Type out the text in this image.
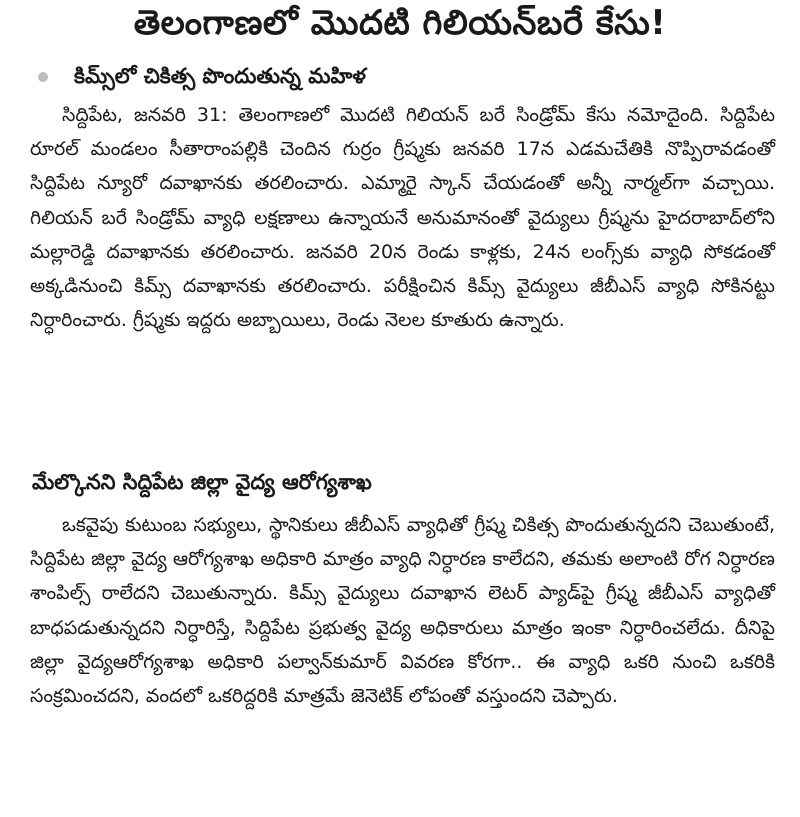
తెలంగాణలో మొదటి గిలియన్‌బరే కేసు!
కిమ్స్‌లో చికిత్స పొందుతున్న మహిళ
సిద్దిపేట, జనవరి 31: తెలంగాణలో మొదటి గిలియన్ బరే సిండ్రోమ్ కేసు నమోదైంది. సిద్దిపేట రూరల్ మండలం సీతారాంపల్లికి చెందిన గుర్రం గ్రీష్మకు జనవరి 17న ఎడమచేతికి నొప్పిరావడంతో సిద్దిపేట న్యూరో దవాఖానకు తరలించారు. ఎమ్మారై స్కాన్ చేయడంతో అన్నీ నార్మల్‌గా వచ్చాయి. గిలియన్ బరే సిండ్రోమ్ వ్యాధి లక్షణాలు ఉన్నాయనే అనుమానంతో వైద్యులు గ్రీష్మను హైదరాబాద్‌లోని మల్లారెడ్డి దవాఖానకు తరలించారు. జనవరి 20న రెండు కాళ్లకు, 24న లంగ్స్‌కు వ్యాధి సోకడంతో అక్కడినుంచి కిమ్స్ దవాఖానకు తరలించారు. పరీక్షించిన కిమ్స్ వైద్యులు జీబీఎస్ వ్యాధి సోకినట్టు నిర్ధారించారు. గ్రీష్మకు ఇద్దరు అబ్బాయిలు, రెండు నెలల కూతురు ఉన్నారు.
మేల్కొనని సిద్దిపేట జిల్లా వైద్య ఆరోగ్యశాఖ
ఒకవైపు కుటుంబ సభ్యులు, స్థానికులు జీబీఎస్ వ్యాధితో గ్రీష్మ చికిత్స పొందుతున్నదని చెబుతుంటే, సిద్దిపేట జిల్లా వైద్య ఆరోగ్యశాఖ అధికారి మాత్రం వ్యాధి నిర్ధారణ కాలేదని, తమకు అలాంటి రోగ నిర్ధారణ శాంపిల్స్ రాలేదని చెబుతున్నారు. కిమ్స్ వైద్యులు దవాఖాన లెటర్ ప్యాడ్‌పై గ్రీష్మ జీబీఎస్ వ్యాధితో బాధపడుతున్నదని నిర్ధారిస్తే, సిద్దిపేట ప్రభుత్వ వైద్య అధికారులు మాత్రం ఇంకా నిర్ధారించలేదు. దీనిపై జిల్లా వైద్యఆరోగ్యశాఖ అధికారి పల్వాన్‌కుమార్ వివరణ కోరగా.. ఈ వ్యాధి ఒకరి నుంచి ఒకరికి సంక్రమించదని, వందలో ఒకరిద్దరికి మాత్రమే జెనెటిక్ లోపంతో వస్తుందని చెప్పారు.
